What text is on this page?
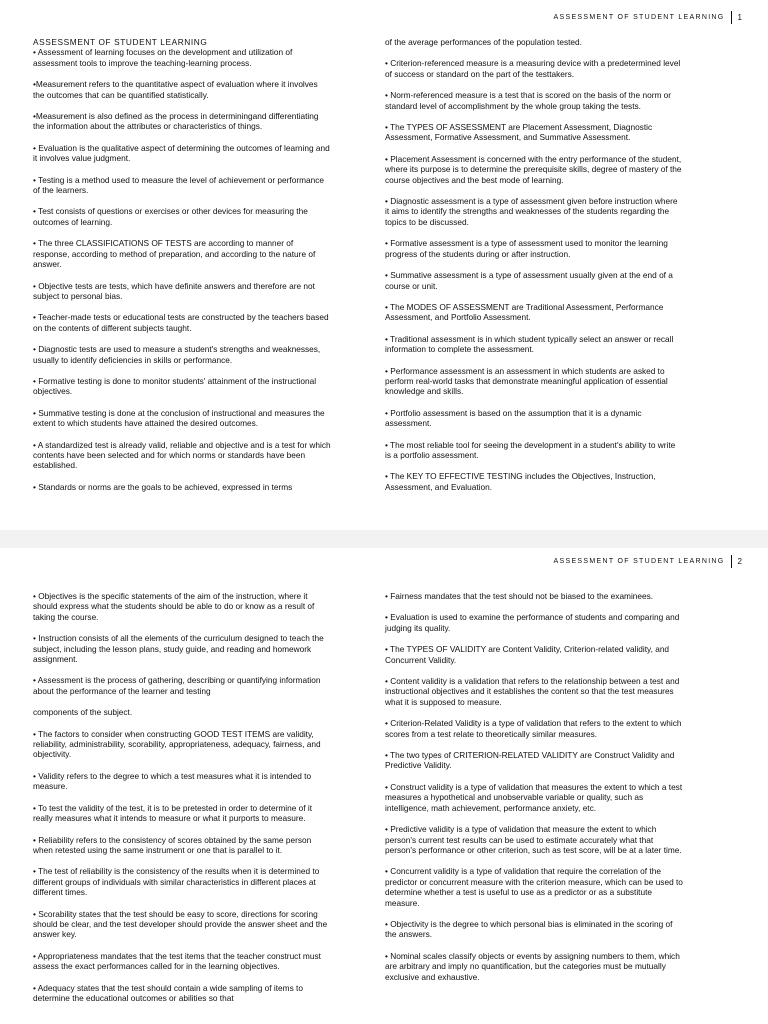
ASSESSMENT OF STUDENT LEARNING 1

ASSESSMENT OF STUDENT LEARNING

• Assessment of learning focuses on the development and utilization of assessment tools to improve the teaching-learning process.

•Measurement refers to the quantitative aspect of evaluation where it involves the outcomes that can be quantified statistically.

•Measurement is also defined as the process in determiningand differentiating the information about the attributes or characteristics of things.

• Evaluation is the qualitative aspect of determining the outcomes of learning and it involves value judgment.

• Testing is a method used to measure the level of achievement or performance of the learners.

• Test consists of questions or exercises or other devices for measuring the outcomes of learning.

• The three CLASSIFICATIONS OF TESTS are according to manner of response, according to method of preparation, and according to the nature of answer.

• Objective tests are tests, which have definite answers and therefore are not subject to personal bias.

• Teacher-made tests or educational tests are constructed by the teachers based on the contents of different subjects taught.

• Diagnostic tests are used to measure a student's strengths and weaknesses, usually to identify deficiencies in skills or performance.

• Formative testing is done to monitor students' attainment of the instructional objectives.

• Summative testing is done at the conclusion of instructional and measures the extent to which students have attained the desired outcomes.

• A standardized test is already valid, reliable and objective and is a test for which contents have been selected and for which norms or standards have been established.

• Standards or norms are the goals to be achieved, expressed in terms

of the average performances of the population tested.

• Criterion-referenced measure is a measuring device with a predetermined level of success or standard on the part of the testtakers.

• Norm-referenced measure is a test that is scored on the basis of the norm or standard level of accomplishment by the whole group taking the tests.

• The TYPES OF ASSESSMENT are Placement Assessment, Diagnostic Assessment, Formative Assessment, and Summative Assessment.

• Placement Assessment is concerned with the entry performance of the student, where its purpose is to determine the prerequisite skills, degree of mastery of the course objectives and the best mode of learning.

• Diagnostic assessment is a type of assessment given before instruction where it aims to identify the strengths and weaknesses of the students regarding the topics to be discussed.

• Formative assessment is a type of assessment used to monitor the learning progress of the students during or after instruction.

• Summative assessment is a type of assessment usually given at the end of a course or unit.

• The MODES OF ASSESSMENT are Traditional Assessment, Performance Assessment, and Portfolio Assessment.

• Traditional assessment is in which student typically select an answer or recall information to complete the assessment.

• Performance assessment is an assessment in which students are asked to perform real-world tasks that demonstrate meaningful application of essential knowledge and skills.

• Portfolio assessment is based on the assumption that it is a dynamic assessment.

• The most reliable tool for seeing the development in a student's ability to write is a portfolio assessment.

• The KEY TO EFFECTIVE TESTING includes the Objectives, Instruction, Assessment, and Evaluation.

ASSESSMENT OF STUDENT LEARNING 2

• Objectives is the specific statements of the aim of the instruction, where it should express what the students should be able to do or know as a result of taking the course.

• Instruction consists of all the elements of the curriculum designed to teach the subject, including the lesson plans, study guide, and reading and homework assignment.

• Assessment is the process of gathering, describing or quantifying information about the performance of the learner and testing

components of the subject.

• The factors to consider when constructing GOOD TEST ITEMS are validity, reliability, administrability, scorability, appropriateness, adequacy, fairness, and objectivity.

• Validity refers to the degree to which a test measures what it is intended to measure.

• To test the validity of the test, it is to be pretested in order to determine of it really measures what it intends to measure or what it purports to measure.

• Reliability refers to the consistency of scores obtained by the same person when retested using the same instrument or one that is parallel to it.

• The test of reliability is the consistency of the results when it is determined to different groups of individuals with similar characteristics in different places at different times.

• Scorability states that the test should be easy to score, directions for scoring should be clear, and the test developer should provide the answer sheet and the answer key.

• Appropriateness mandates that the test items that the teacher construct must assess the exact performances called for in the learning objectives.

• Adequacy states that the test should contain a wide sampling of items to determine the educational outcomes or abilities so that

• Fairness mandates that the test should not be biased to the examinees.

• Evaluation is used to examine the performance of students and comparing and judging its quality.

• The TYPES OF VALIDITY are Content Validity, Criterion-related validity, and Concurrent Validity.

• Content validity is a validation that refers to the relationship between a test and instructional objectives and it establishes the content so that the test measures what it is supposed to measure.

• Criterion-Related Validity is a type of validation that refers to the extent to which scores from a test relate to theoretically similar measures.

• The two types of CRITERION-RELATED VALIDITY are Construct Validity and Predictive Validity.

• Construct validity is a type of validation that measures the extent to which a test measures a hypothetical and unobservable variable or quality, such as intelligence, math achievement, performance anxiety, etc.

• Predictive validity is a type of validation that measure the extent to which person's current test results can be used to estimate accurately what that person's performance or other criterion, such as test score, will be at a later time.

• Concurrent validity is a type of validation that require the correlation of the predictor or concurrent measure with the criterion measure, which can be used to determine whether a test is useful to use as a predictor or as a substitute measure.

• Objectivity is the degree to which personal bias is eliminated in the scoring of the answers.

• Nominal scales classify objects or events by assigning numbers to them, which are arbitrary and imply no quantification, but the categories must be mutually exclusive and exhaustive.
